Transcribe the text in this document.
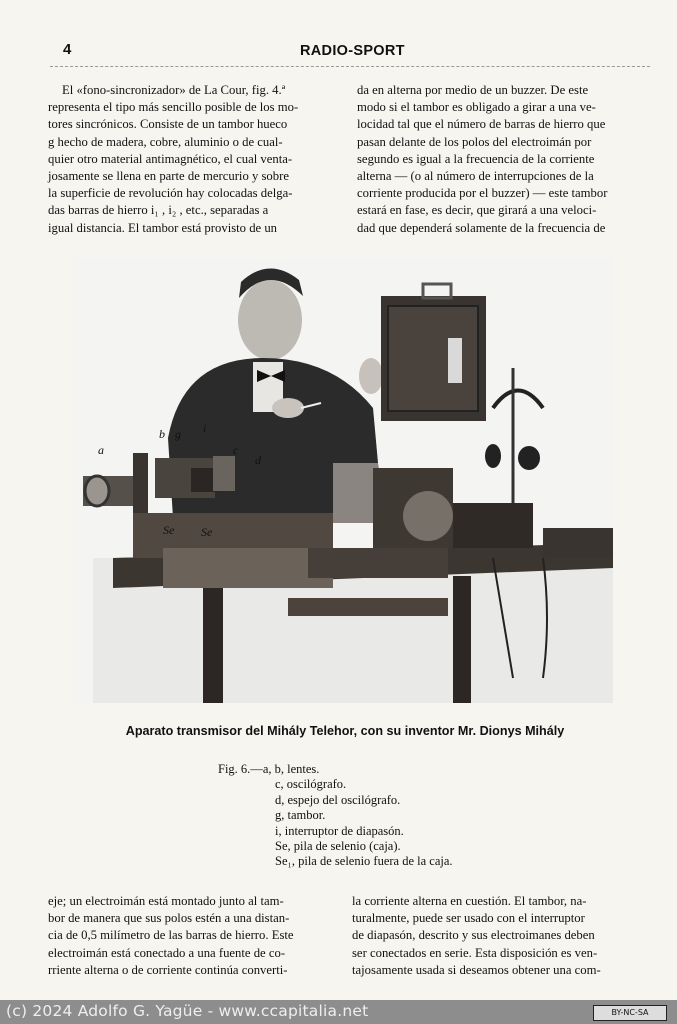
4	RADIO-SPORT

El «fono-sincronizador» de La Cour, fig. 4.ª

representa el tipo más sencillo posible de los mo-

tores sincrónicos. Consiste de un tambor hueco

g hecho de madera, cobre, aluminio o de cual-

quier otro material antimagnético, el cual venta-

josamente se llena en parte de mercurio y sobre

la superficie de revolución hay colocadas delga-

das barras de hierro i₁ , i₂ , etc., separadas a

igual distancia. El tambor está provisto de un

da en alterna por medio de un buzzer. De este

modo si el tambor es obligado a girar a una ve-

locidad tal que el número de barras de hierro que

pasan delante de los polos del electroimán por

segundo es igual a la frecuencia de la corriente

alterna — (o al número de interrupciones de la

corriente producida por el buzzer) — este tambor

estará en fase, es decir, que girará a una veloci-

dad que dependerá solamente de la frecuencia de

a
b g i
c
d
Se Se
Aparato transmisor del Mihály Telehor, con su inventor Mr. Dionys Mihály
Fig. 6.—a, b, lentes.
c, oscilógrafo.
d, espejo del oscilógrafo.
g, tambor.
i, interruptor de diapasón.
Se, pila de selenio (caja).
Se₁, pila de selenio fuera de la caja.

eje; un electroimán está montado junto al tam-

bor de manera que sus polos estén a una distan-

cia de 0,5 milímetro de las barras de hierro. Este

electroimán está conectado a una fuente de co-

rriente alterna o de corriente continúa converti-

la corriente alterna en cuestión. El tambor, na-

turalmente, puede ser usado con el interruptor

de diapasón, descrito y sus electroimanes deben

ser conectados en serie. Esta disposición es ven-

tajosamente usada si deseamos obtener una com-

(c) 2024 Adolfo G. Yagüe - www.ccapitalia.net	BY-NC-SA
